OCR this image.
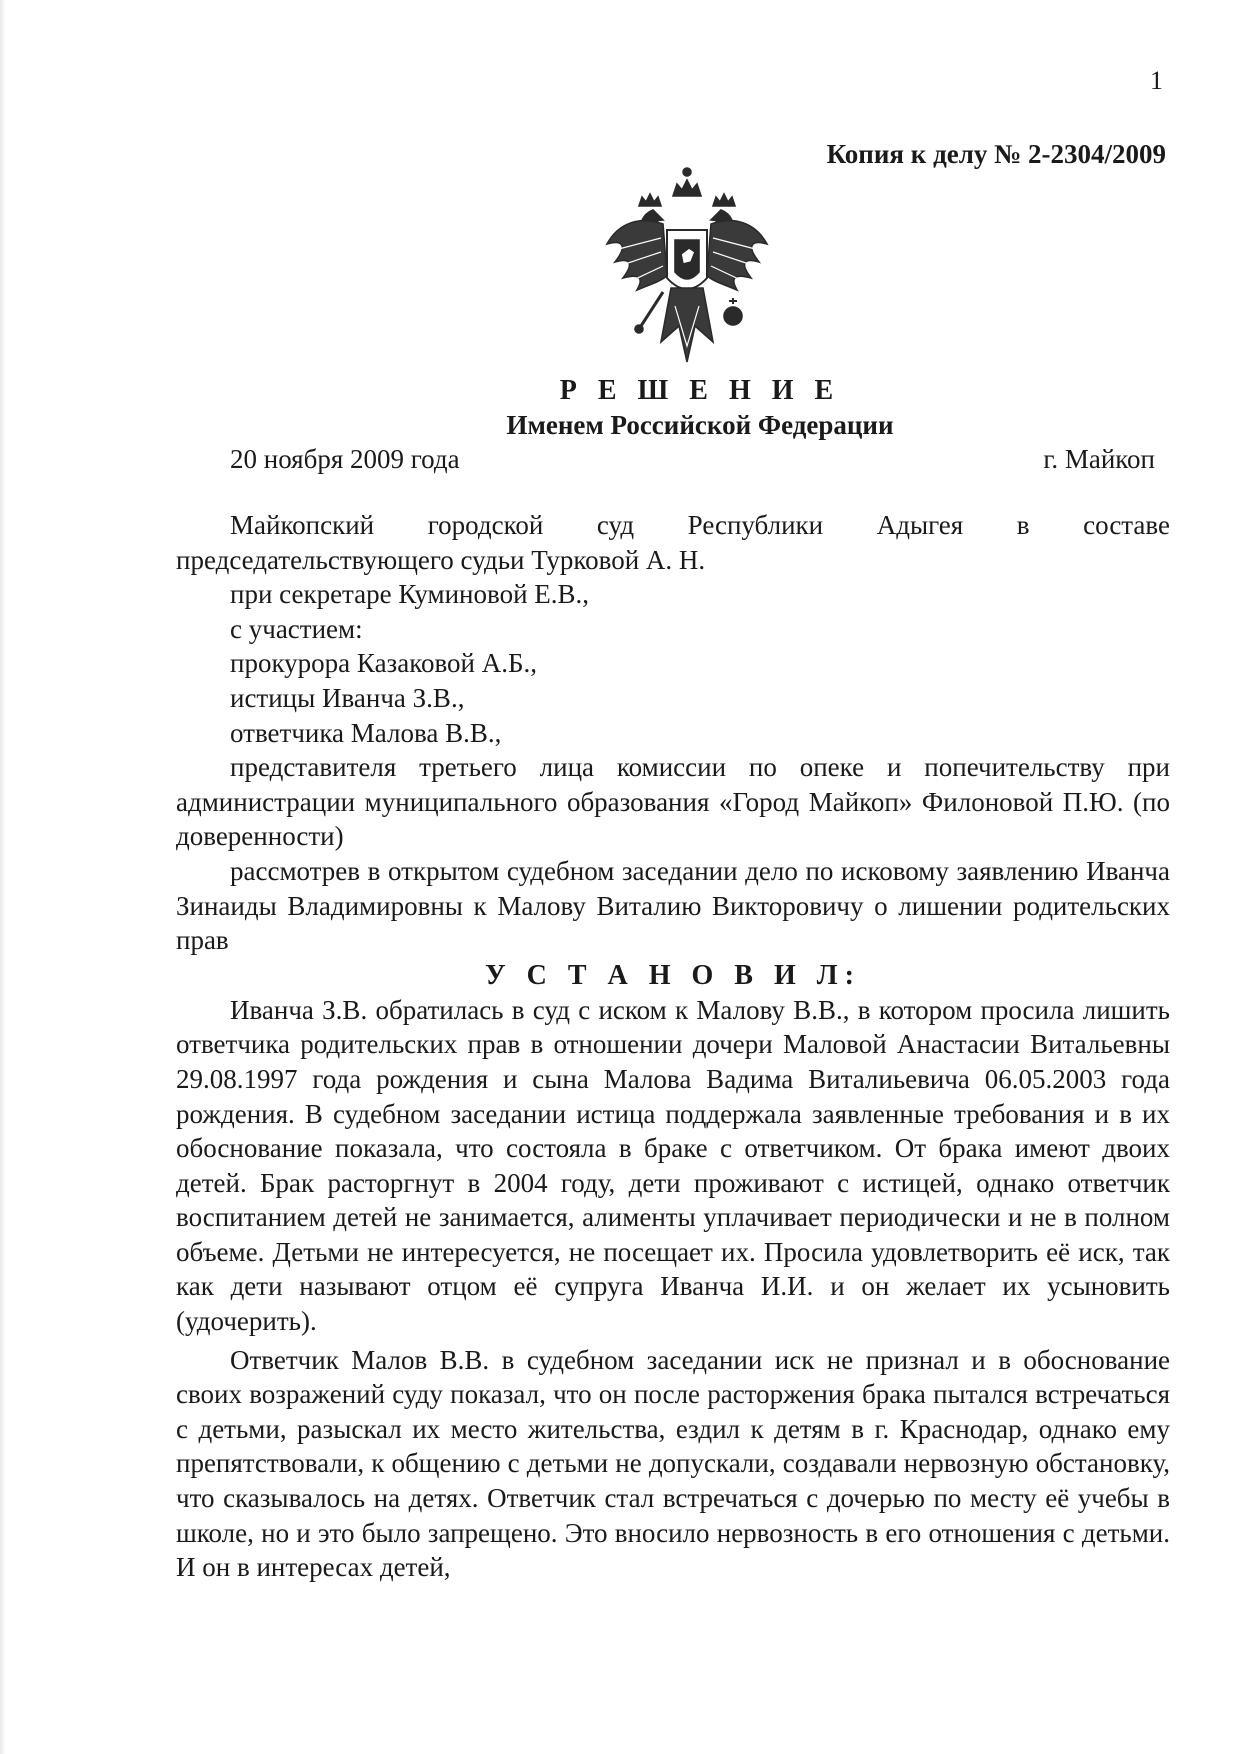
1
Копия к делу № 2-2304/2009
Р Е Ш Е Н И Е
Именем Российской Федерации
20 ноября 2009 года	г. Майкоп

Майкопский городской суд Республики Адыгея в составе председательствующего судьи Турковой А. Н.

при секретаре Куминовой Е.В.,

с участием:

прокурора Казаковой А.Б.,

истицы Иванча З.В.,

ответчика Малова В.В.,

представителя третьего лица комиссии по опеке и попечительству при администрации муниципального образования «Город Майкоп» Филоновой П.Ю. (по доверенности)

рассмотрев в открытом судебном заседании дело по исковому заявлению Иванча Зинаиды Владимировны к Малову Виталию Викторовичу о лишении родительских прав

У С Т А Н О В И Л:

Иванча З.В. обратилась в суд с иском к Малову В.В., в котором просила лишить ответчика родительских прав в отношении дочери Маловой Анастасии Витальевны 29.08.1997 года рождения и сына Малова Вадима Виталиьевича 06.05.2003 года рождения. В судебном заседании истица поддержала заявленные требования и в их обоснование показала, что состояла в браке с ответчиком. От брака имеют двоих детей. Брак расторгнут в 2004 году, дети проживают с истицей, однако ответчик воспитанием детей не занимается, алименты уплачивает периодически и не в полном объеме. Детьми не интересуется, не посещает их. Просила удовлетворить её иск, так как дети называют отцом её супруга Иванча И.И. и он желает их усыновить (удочерить).

Ответчик Малов В.В. в судебном заседании иск не признал и в обоснование своих возражений суду показал, что он после расторжения брака пытался встречаться с детьми, разыскал их место жительства, ездил к детям в г. Краснодар, однако ему препятствовали, к общению с детьми не допускали, создавали нервозную обстановку, что сказывалось на детях. Ответчик стал встречаться с дочерью по месту её учебы в школе, но и это было запрещено. Это вносило нервозность в его отношения с детьми. И он в интересах детей,
